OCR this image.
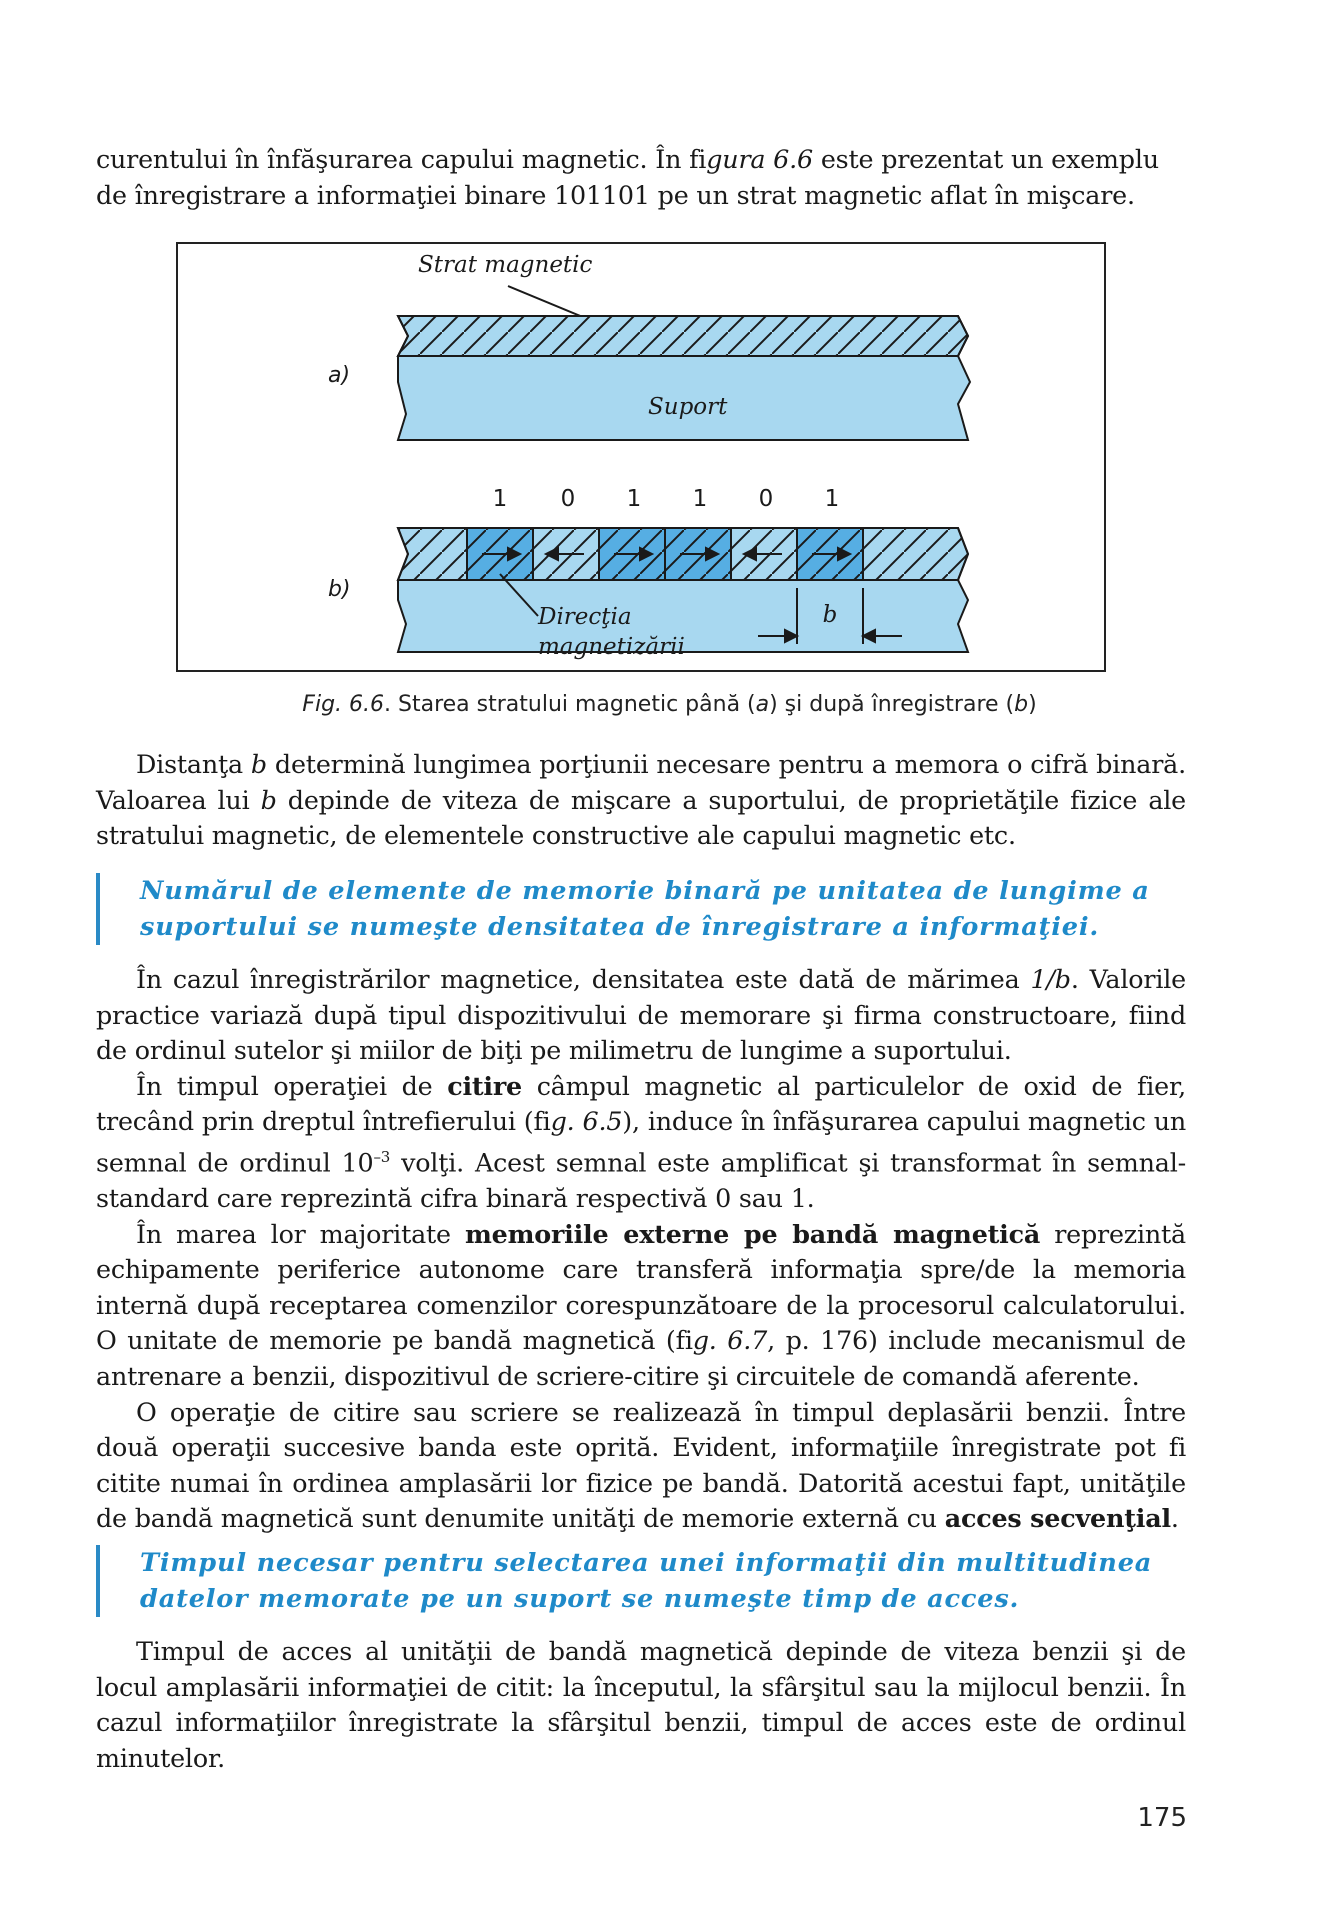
curentului în înfăşurarea capului magnetic. În figura 6.6 este prezentat un exemplu

de înregistrare a informaţiei binare 101101 pe un strat magnetic aflat în mişcare.

Strat magnetic
a)
Suport
1 0 1 1 0 1
b)
Direcţia
magnetizării
b
Fig. 6.6. Starea stratului magnetic până (a) şi după înregistrare (b)

Distanţa b determină lungimea porţiunii necesare pentru a memora o cifră binară. Valoarea lui b depinde de viteza de mişcare a suportului, de proprietăţile fizice ale stratului magnetic, de elementele constructive ale capului magnetic etc.

Numărul de elemente de memorie binară pe unitatea de lungime a
suportului se numeşte densitatea de înregistrare a informaţiei.

În cazul înregistrărilor magnetice, densitatea este dată de mărimea 1/b. Valorile practice variază după tipul dispozitivului de memorare şi firma constructoare, fiind de ordinul sutelor şi miilor de biţi pe milimetru de lungime a suportului.

În timpul operaţiei de citire câmpul magnetic al particulelor de oxid de fier, trecând prin dreptul întrefierului (fig. 6.5), induce în înfăşurarea capului magnetic un semnal de ordinul $10^{-3}$ volţi. Acest semnal este amplificat şi transformat în semnal-standard care reprezintă cifra binară respectivă 0 sau 1.

În marea lor majoritate memoriile externe pe bandă magnetică reprezintă echipamente periferice autonome care transferă informaţia spre/de la memoria internă după receptarea comenzilor corespunzătoare de la procesorul calculatorului. O unitate de memorie pe bandă magnetică (fig. 6.7, p. 176) include mecanismul de antrenare a benzii, dispozitivul de scriere-citire şi circuitele de comandă aferente.

O operaţie de citire sau scriere se realizează în timpul deplasării benzii. Între două operaţii succesive banda este oprită. Evident, informaţiile înregistrate pot fi citite numai în ordinea amplasării lor fizice pe bandă. Datorită acestui fapt, unităţile de bandă magnetică sunt denumite unităţi de memorie externă cu acces secvenţial.

Timpul necesar pentru selectarea unei informaţii din multitudinea
datelor memorate pe un suport se numeşte timp de acces.

Timpul de acces al unităţii de bandă magnetică depinde de viteza benzii şi de locul amplasării informaţiei de citit: la începutul, la sfârşitul sau la mijlocul benzii. În cazul informaţiilor înregistrate la sfârşitul benzii, timpul de acces este de ordinul minutelor.

175
